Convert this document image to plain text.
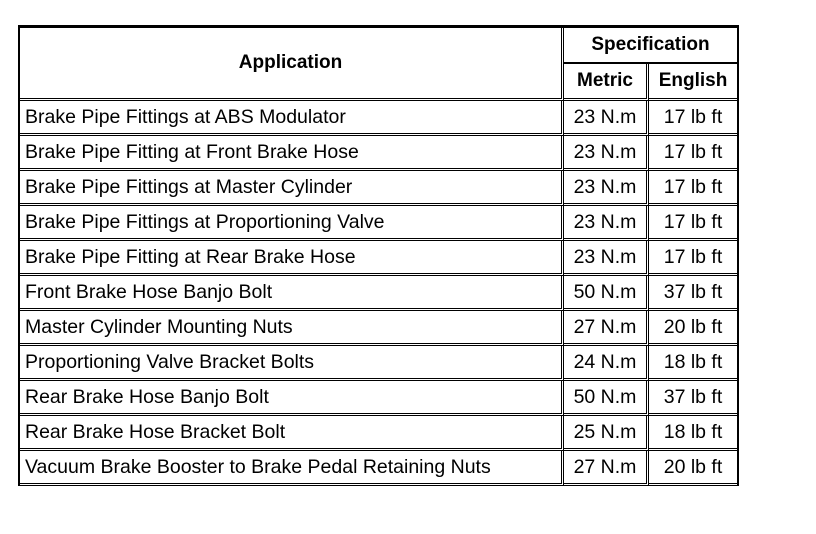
Application	Specification	
	Metric	English
Brake Pipe Fittings at ABS Modulator	23 N.m	17 lb ft
Brake Pipe Fitting at Front Brake Hose	23 N.m	17 lb ft
Brake Pipe Fittings at Master Cylinder	23 N.m	17 lb ft
Brake Pipe Fittings at Proportioning Valve	23 N.m	17 lb ft
Brake Pipe Fitting at Rear Brake Hose	23 N.m	17 lb ft
Front Brake Hose Banjo Bolt	50 N.m	37 lb ft
Master Cylinder Mounting Nuts	27 N.m	20 lb ft
Proportioning Valve Bracket Bolts	24 N.m	18 lb ft
Rear Brake Hose Banjo Bolt	50 N.m	37 lb ft
Rear Brake Hose Bracket Bolt	25 N.m	18 lb ft
Vacuum Brake Booster to Brake Pedal Retaining Nuts	27 N.m	20 lb ft
